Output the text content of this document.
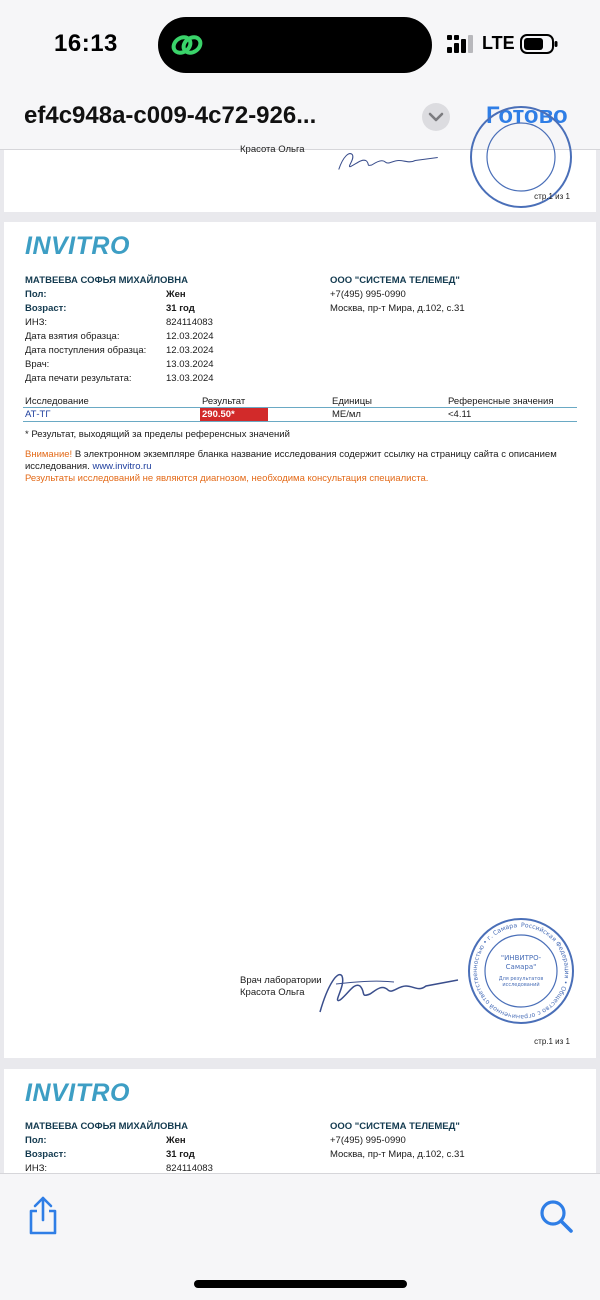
16:13	LTE
ef4c948a-c009-4c72-926...	Готово
Красота Ольга
стр.1 из 1
INVITRO
МАТВЕЕВА СОФЬЯ МИХАЙЛОВНА
Пол:	Жен
Возраст:	31 год
ИНЗ:	824114083
Дата взятия образца:	12.03.2024
Дата поступления образца: 12.03.2024
Врач:	13.03.2024
Дата печати результата:	13.03.2024
ООО "СИСТЕМА ТЕЛЕМЕД"
+7(495) 995-0990
Москва, пр-т Мира, д.102, с.31
Исследование	Результат	Единицы	Референсные значения
АТ-ТГ	290.50*	МЕ/мл	<4.11
* Результат, выходящий за пределы референсных значений
Внимание! В электронном экземпляре бланка название исследования содержит ссылку на страницу сайта с описанием исследования. www.invitro.ru
Результаты исследований не являются диагнозом, необходима консультация специалиста.
Врач лаборатории
Красота Ольга
Российская Федерация • Общество с ограниченной ответственностью • г. Самара
"ИНВИТРО-
Самара"
Для результатов
исследований
стр.1 из 1
INVITRO
МАТВЕЕВА СОФЬЯ МИХАЙЛОВНА
Пол:	Жен
Возраст:	31 год
ИНЗ:	824114083
ООО "СИСТЕМА ТЕЛЕМЕД"
+7(495) 995-0990
Москва, пр-т Мира, д.102, с.31
